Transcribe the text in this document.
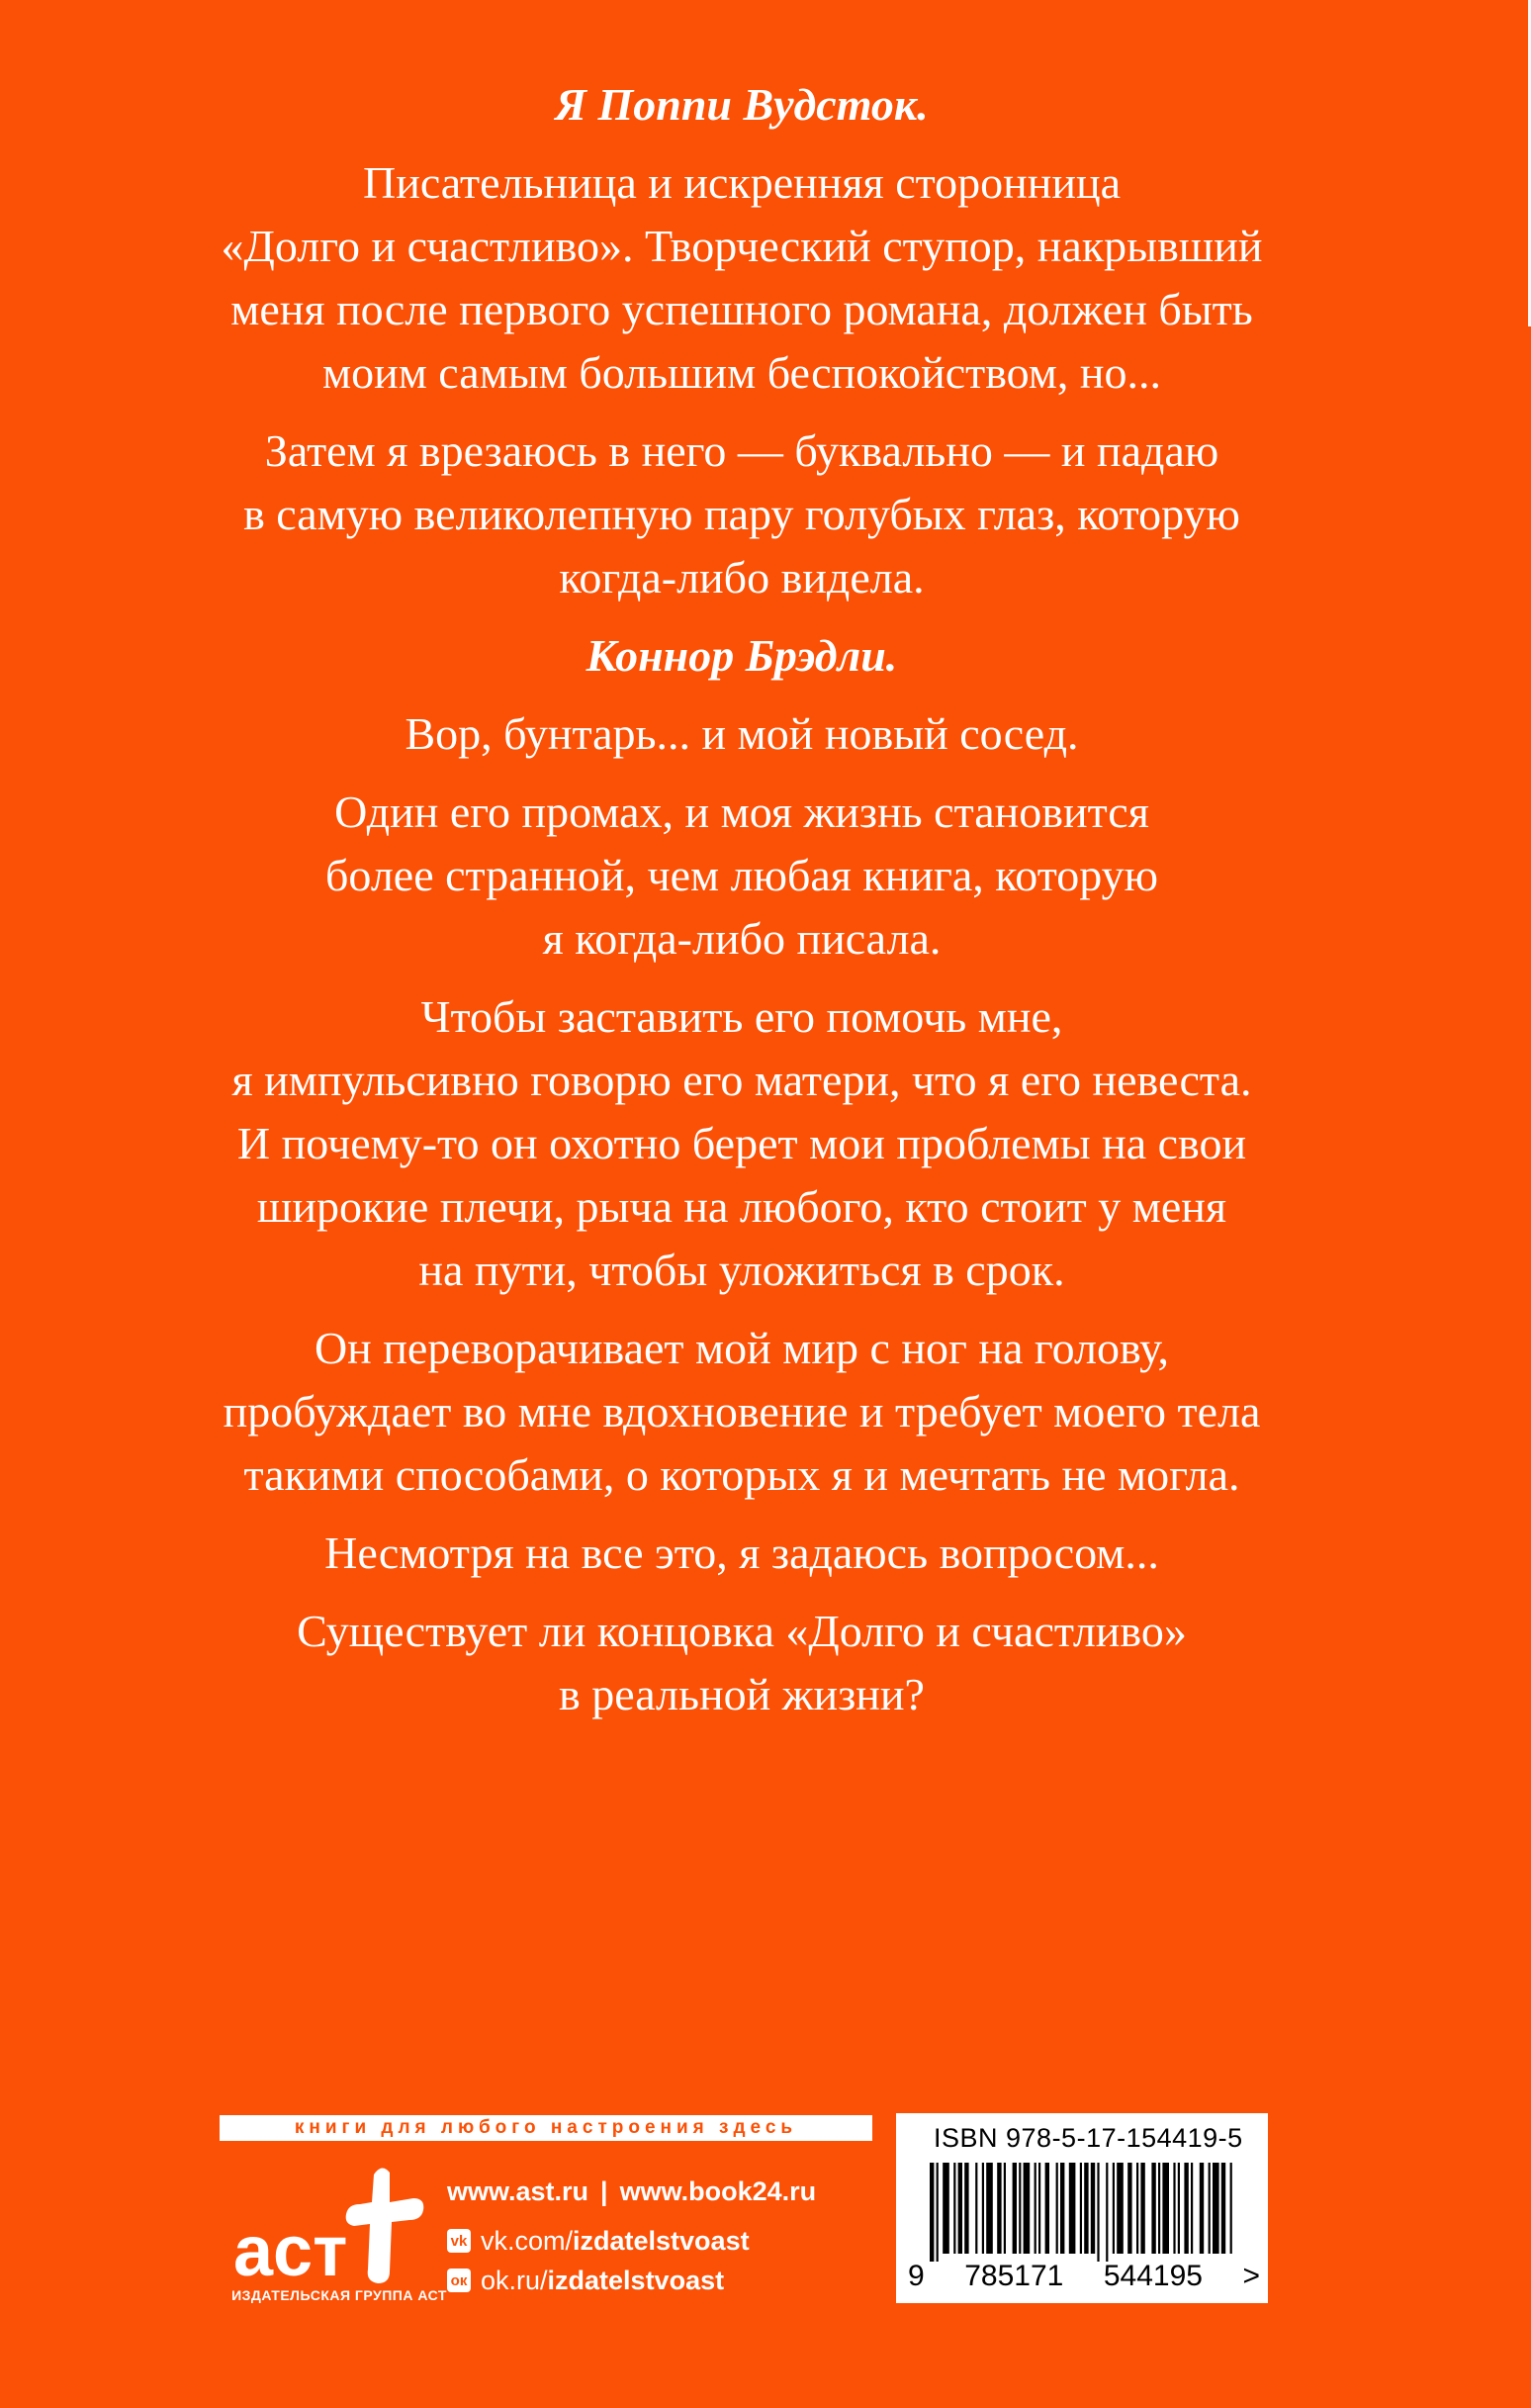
Я Поппи Вудсток.

Писательница и искренняя сторонница
«Долго и счастливо». Творческий ступор, накрывший
меня после первого успешного романа, должен быть
моим самым большим беспокойством, но...

Затем я врезаюсь в него — буквально — и падаю
в самую великолепную пару голубых глаз, которую
когда-либо видела.

Коннор Брэдли.

Вор, бунтарь... и мой новый сосед.

Один его промах, и моя жизнь становится
более странной, чем любая книга, которую
я когда-либо писала.

Чтобы заставить его помочь мне,
я импульсивно говорю его матери, что я его невеста.
И почему-то он охотно берет мои проблемы на свои
широкие плечи, рыча на любого, кто стоит у меня
на пути, чтобы уложиться в срок.

Он переворачивает мой мир с ног на голову,
пробуждает во мне вдохновение и требует моего тела
такими способами, о которых я и мечтать не могла.

Несмотря на все это, я задаюсь вопросом...

Существует ли концовка «Долго и счастливо»
в реальной жизни?

книги для любого настроения здесь
аст
ИЗДАТЕЛЬСКАЯ ГРУППА АСТ
www.ast.ru | www.book24.ru
vk vk.com/ izdatelstvoast
ок ok.ru/ izdatelstvoast
ISBN 978-5-17-154419-5
9 785171 544195 >
